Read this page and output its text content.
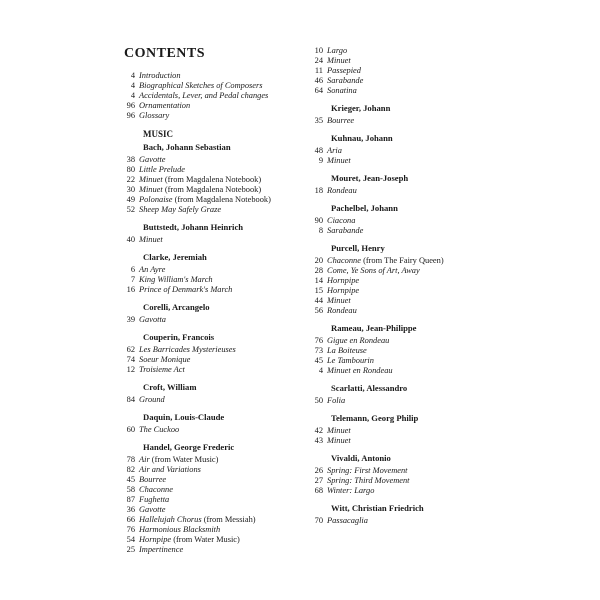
CONTENTS
4 Introduction
4 Biographical Sketches of Composers
4 Accidentals, Lever, and Pedal changes
96 Ornamentation
96 Glossary
MUSIC
Bach, Johann Sebastian
38 Gavotte
80 Little Prelude
22 Minuet (from Magdalena Notebook)
30 Minuet (from Magdalena Notebook)
49 Polonaise (from Magdalena Notebook)
52 Sheep May Safely Graze
Buttstedt, Johann Heinrich
40 Minuet
Clarke, Jeremiah
6 An Ayre
7 King William's March
16 Prince of Denmark's March
Corelli, Arcangelo
39 Gavotta
Couperin, Francois
62 Les Barricades Mysterieuses
74 Soeur Monique
12 Troisieme Act
Croft, William
84 Ground
Daquin, Louis-Claude
60 The Cuckoo
Handel, George Frederic
78 Air (from Water Music)
82 Air and Variations
45 Bourree
58 Chaconne
87 Fughetta
36 Gavotte
66 Hallelujah Chorus (from Messiah)
76 Harmonious Blacksmith
54 Hornpipe (from Water Music)
25 Impertinence
10 Largo
24 Minuet
11 Passepied
46 Sarabande
64 Sonatina
Krieger, Johann
35 Bourree
Kuhnau, Johann
48 Aria
9 Minuet
Mouret, Jean-Joseph
18 Rondeau
Pachelbel, Johann
90 Ciacona
8 Sarabande
Purcell, Henry
20 Chaconne (from The Fairy Queen)
28 Come, Ye Sons of Art, Away
14 Hornpipe
15 Hornpipe
44 Minuet
56 Rondeau
Rameau, Jean-Philippe
76 Gigue en Rondeau
73 La Boiteuse
45 Le Tambourin
4 Minuet en Rondeau
Scarlatti, Alessandro
50 Folia
Telemann, Georg Philip
42 Minuet
43 Minuet
Vivaldi, Antonio
26 Spring: First Movement
27 Spring: Third Movement
68 Winter: Largo
Witt, Christian Friedrich
70 Passacaglia
